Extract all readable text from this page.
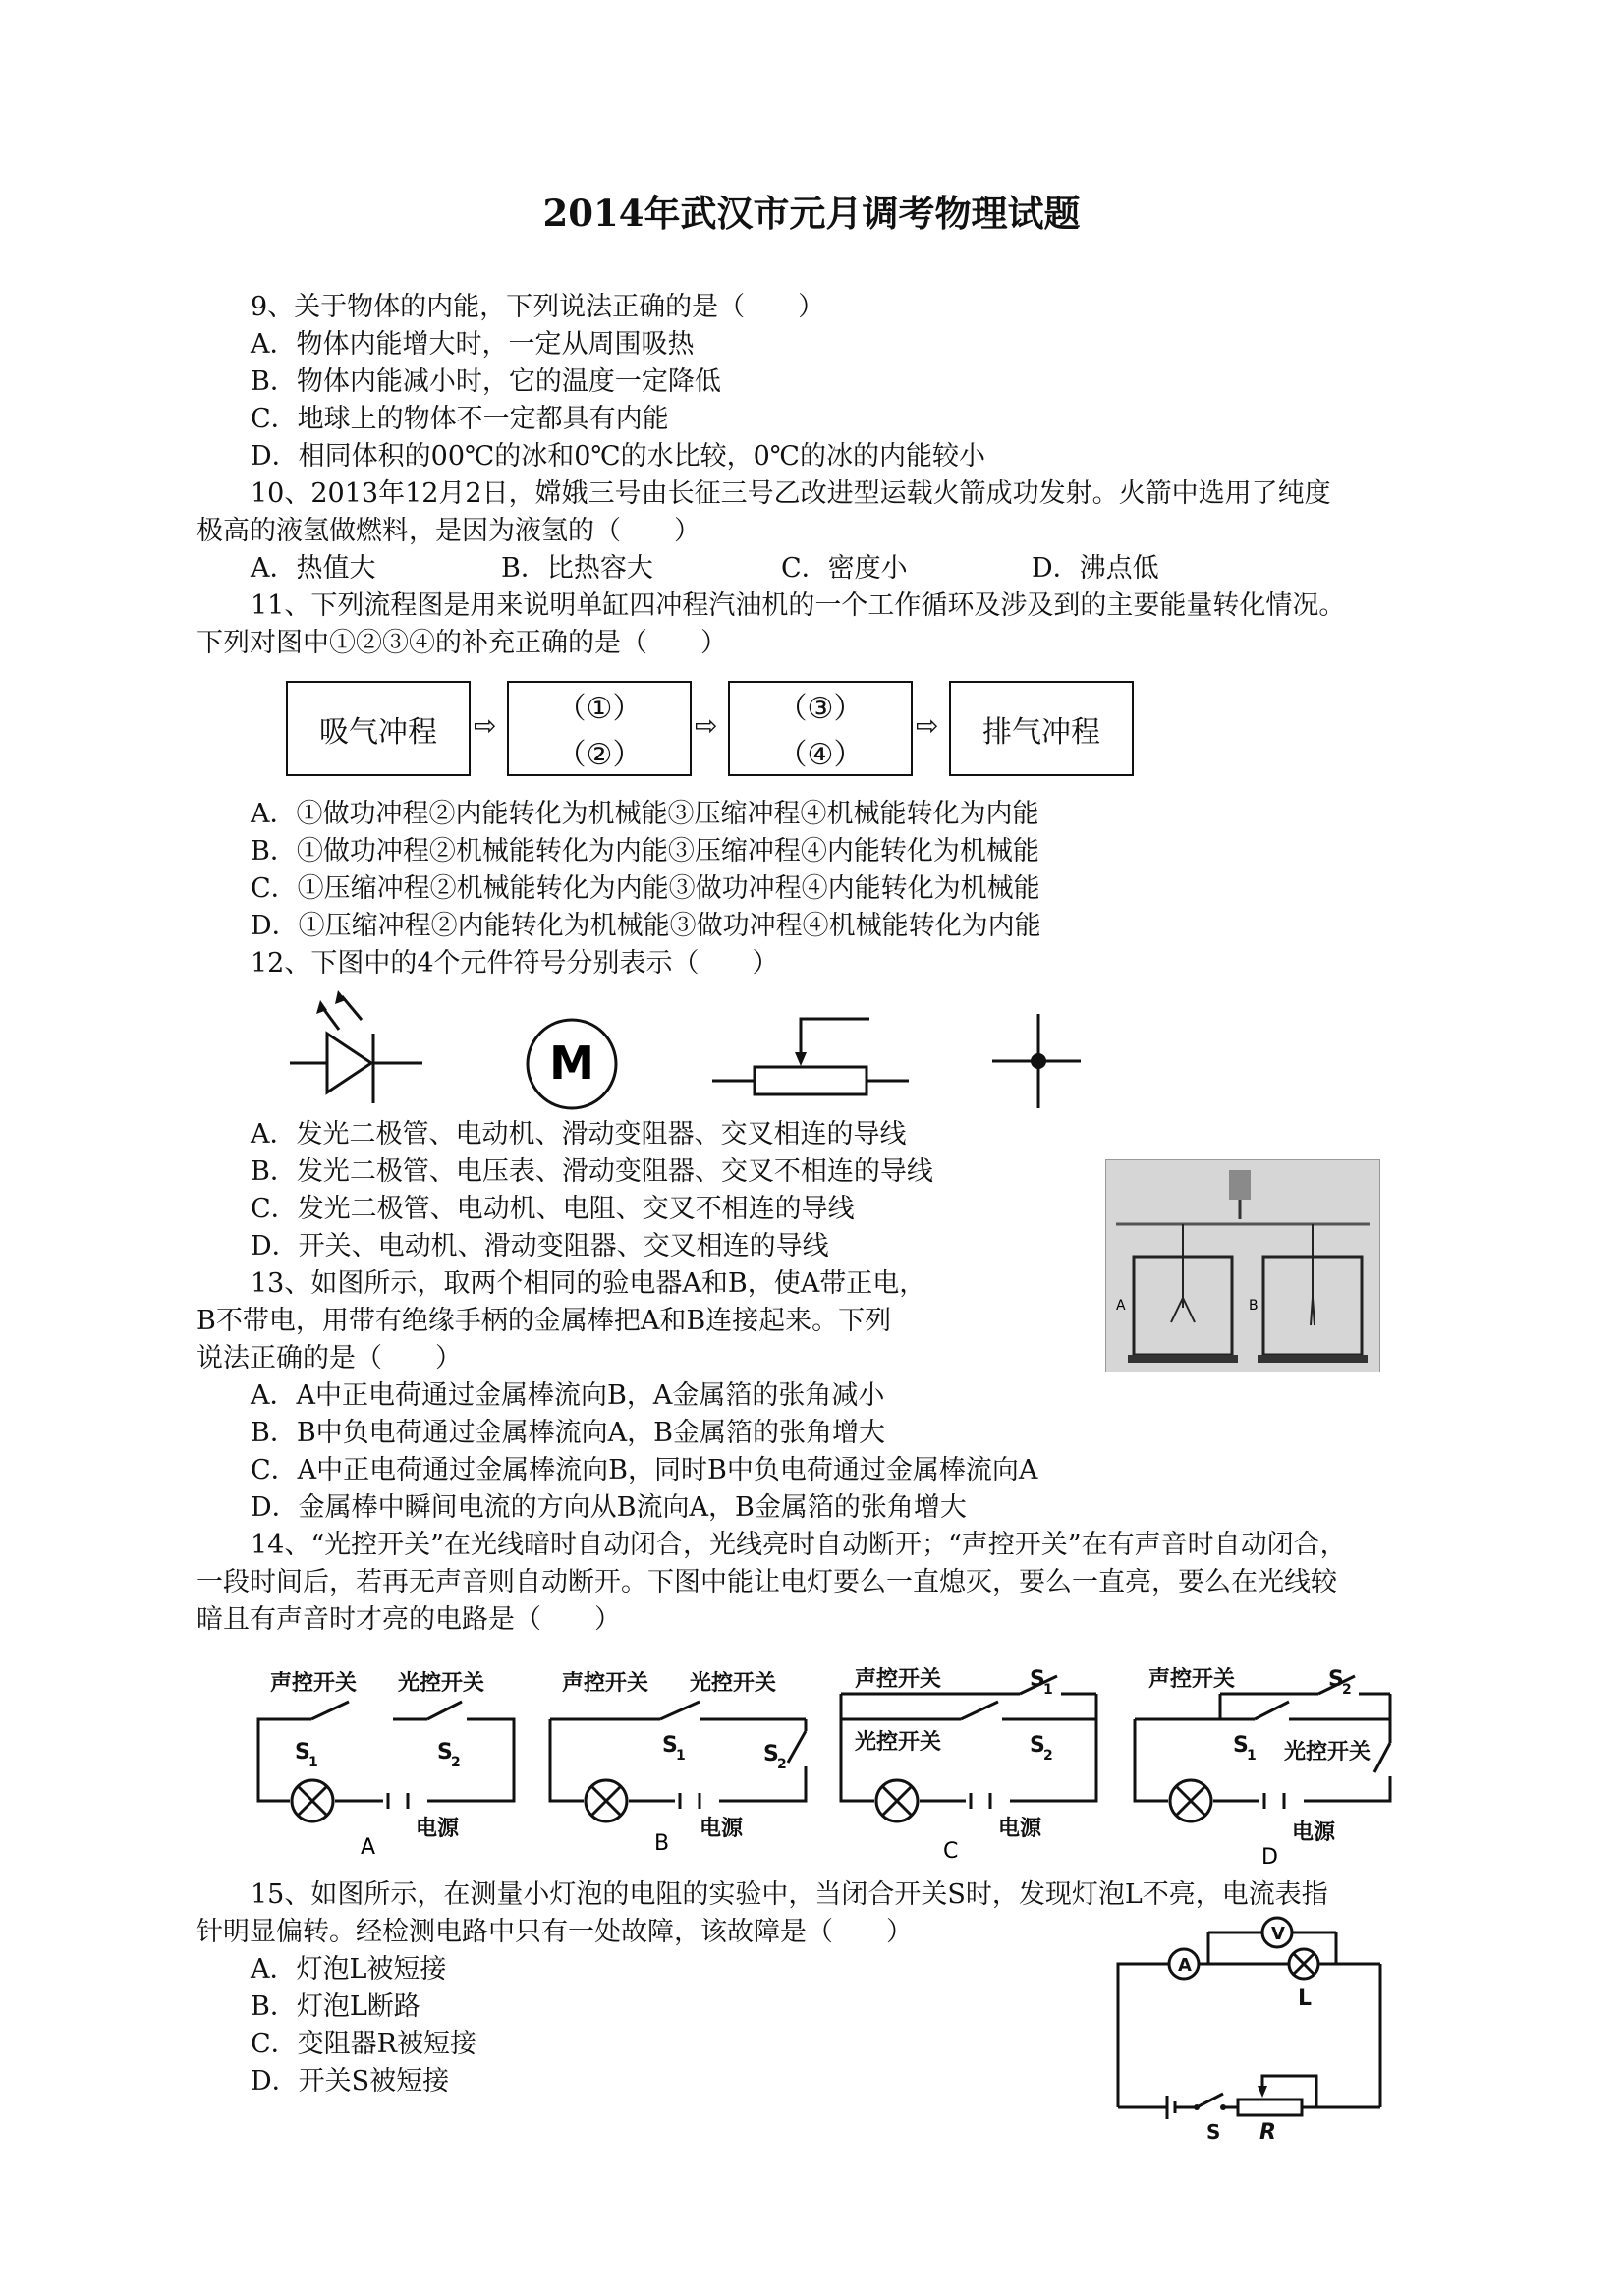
2014年武汉市元月调考物理试题
9、关于物体的内能，下列说法正确的是（　　）
A．物体内能增大时，一定从周围吸热
B．物体内能减小时，它的温度一定降低
C．地球上的物体不一定都具有内能
D．相同体积的00℃的冰和0℃的水比较，0℃的冰的内能较小
10、2013年12月2日，嫦娥三号由长征三号乙改进型运载火箭成功发射。火箭中选用了纯度
极高的液氢做燃料，是因为液氢的（　　）
A．热值大	B．比热容大	C．密度小	D．沸点低
11、下列流程图是用来说明单缸四冲程汽油机的一个工作循环及涉及到的主要能量转化情况。
下列对图中①②③④的补充正确的是（　　）
吸气冲程 ⇨ （①）
（②）
⇨ （③）
（④）
⇨ 排气冲程
A．①做功冲程②内能转化为机械能③压缩冲程④机械能转化为内能
B．①做功冲程②机械能转化为内能③压缩冲程④内能转化为机械能
C．①压缩冲程②机械能转化为内能③做功冲程④内能转化为机械能
D．①压缩冲程②内能转化为机械能③做功冲程④机械能转化为内能
12、下图中的4个元件符号分别表示（　　）
M
A．发光二极管、电动机、滑动变阻器、交叉相连的导线
B．发光二极管、电压表、滑动变阻器、交叉不相连的导线
C．发光二极管、电动机、电阻、交叉不相连的导线
D．开关、电动机、滑动变阻器、交叉相连的导线
A	B
13、如图所示，取两个相同的验电器A和B，使A带正电，
B不带电，用带有绝缘手柄的金属棒把A和B连接起来。下列
说法正确的是（　　）
A．A中正电荷通过金属棒流向B，A金属箔的张角减小
B．B中负电荷通过金属棒流向A，B金属箔的张角增大
C．A中正电荷通过金属棒流向B，同时B中负电荷通过金属棒流向A
D．金属棒中瞬间电流的方向从B流向A，B金属箔的张角增大
14、“光控开关”在光线暗时自动闭合，光线亮时自动断开；“声控开关”在有声音时自动闭合，
一段时间后，若再无声音则自动断开。下图中能让电灯要么一直熄灭，要么一直亮，要么在光线较
暗且有声音时才亮的电路是（　　）
声控开关 光控开关
S
1	S
2
电源
A
声控开关 光控开关
S
1	S
2
电源
B
声控开关	S
1
光控开关	S
2
电源
C
声控开关	S
2
S
1 光控开关
电源
D
15、如图所示，在测量小灯泡的电阻的实验中，当闭合开关S时，发现灯泡L不亮，电流表指
针明显偏转。经检测电路中只有一处故障，该故障是（　　）
A．灯泡L被短接
B．灯泡L断路
C．变阻器R被短接
D．开关S被短接
A
V
L
S R
